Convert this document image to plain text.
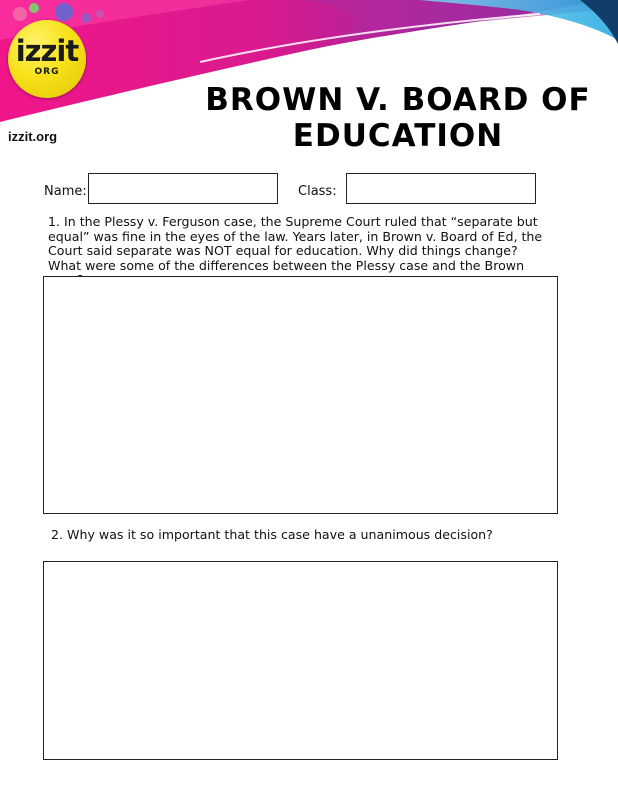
izzit
ORG
izzit.org
BROWN V. BOARD OF EDUCATION
Name:	Class:
1. In the Plessy v. Ferguson case, the Supreme Court ruled that “separate but equal” was fine in the eyes of the law. Years later, in Brown v. Board of Ed, the Court said separate was NOT equal for education. Why did things change? What were some of the differences between the Plessy case and the Brown
2. Why was it so important that this case have a unanimous decision?
